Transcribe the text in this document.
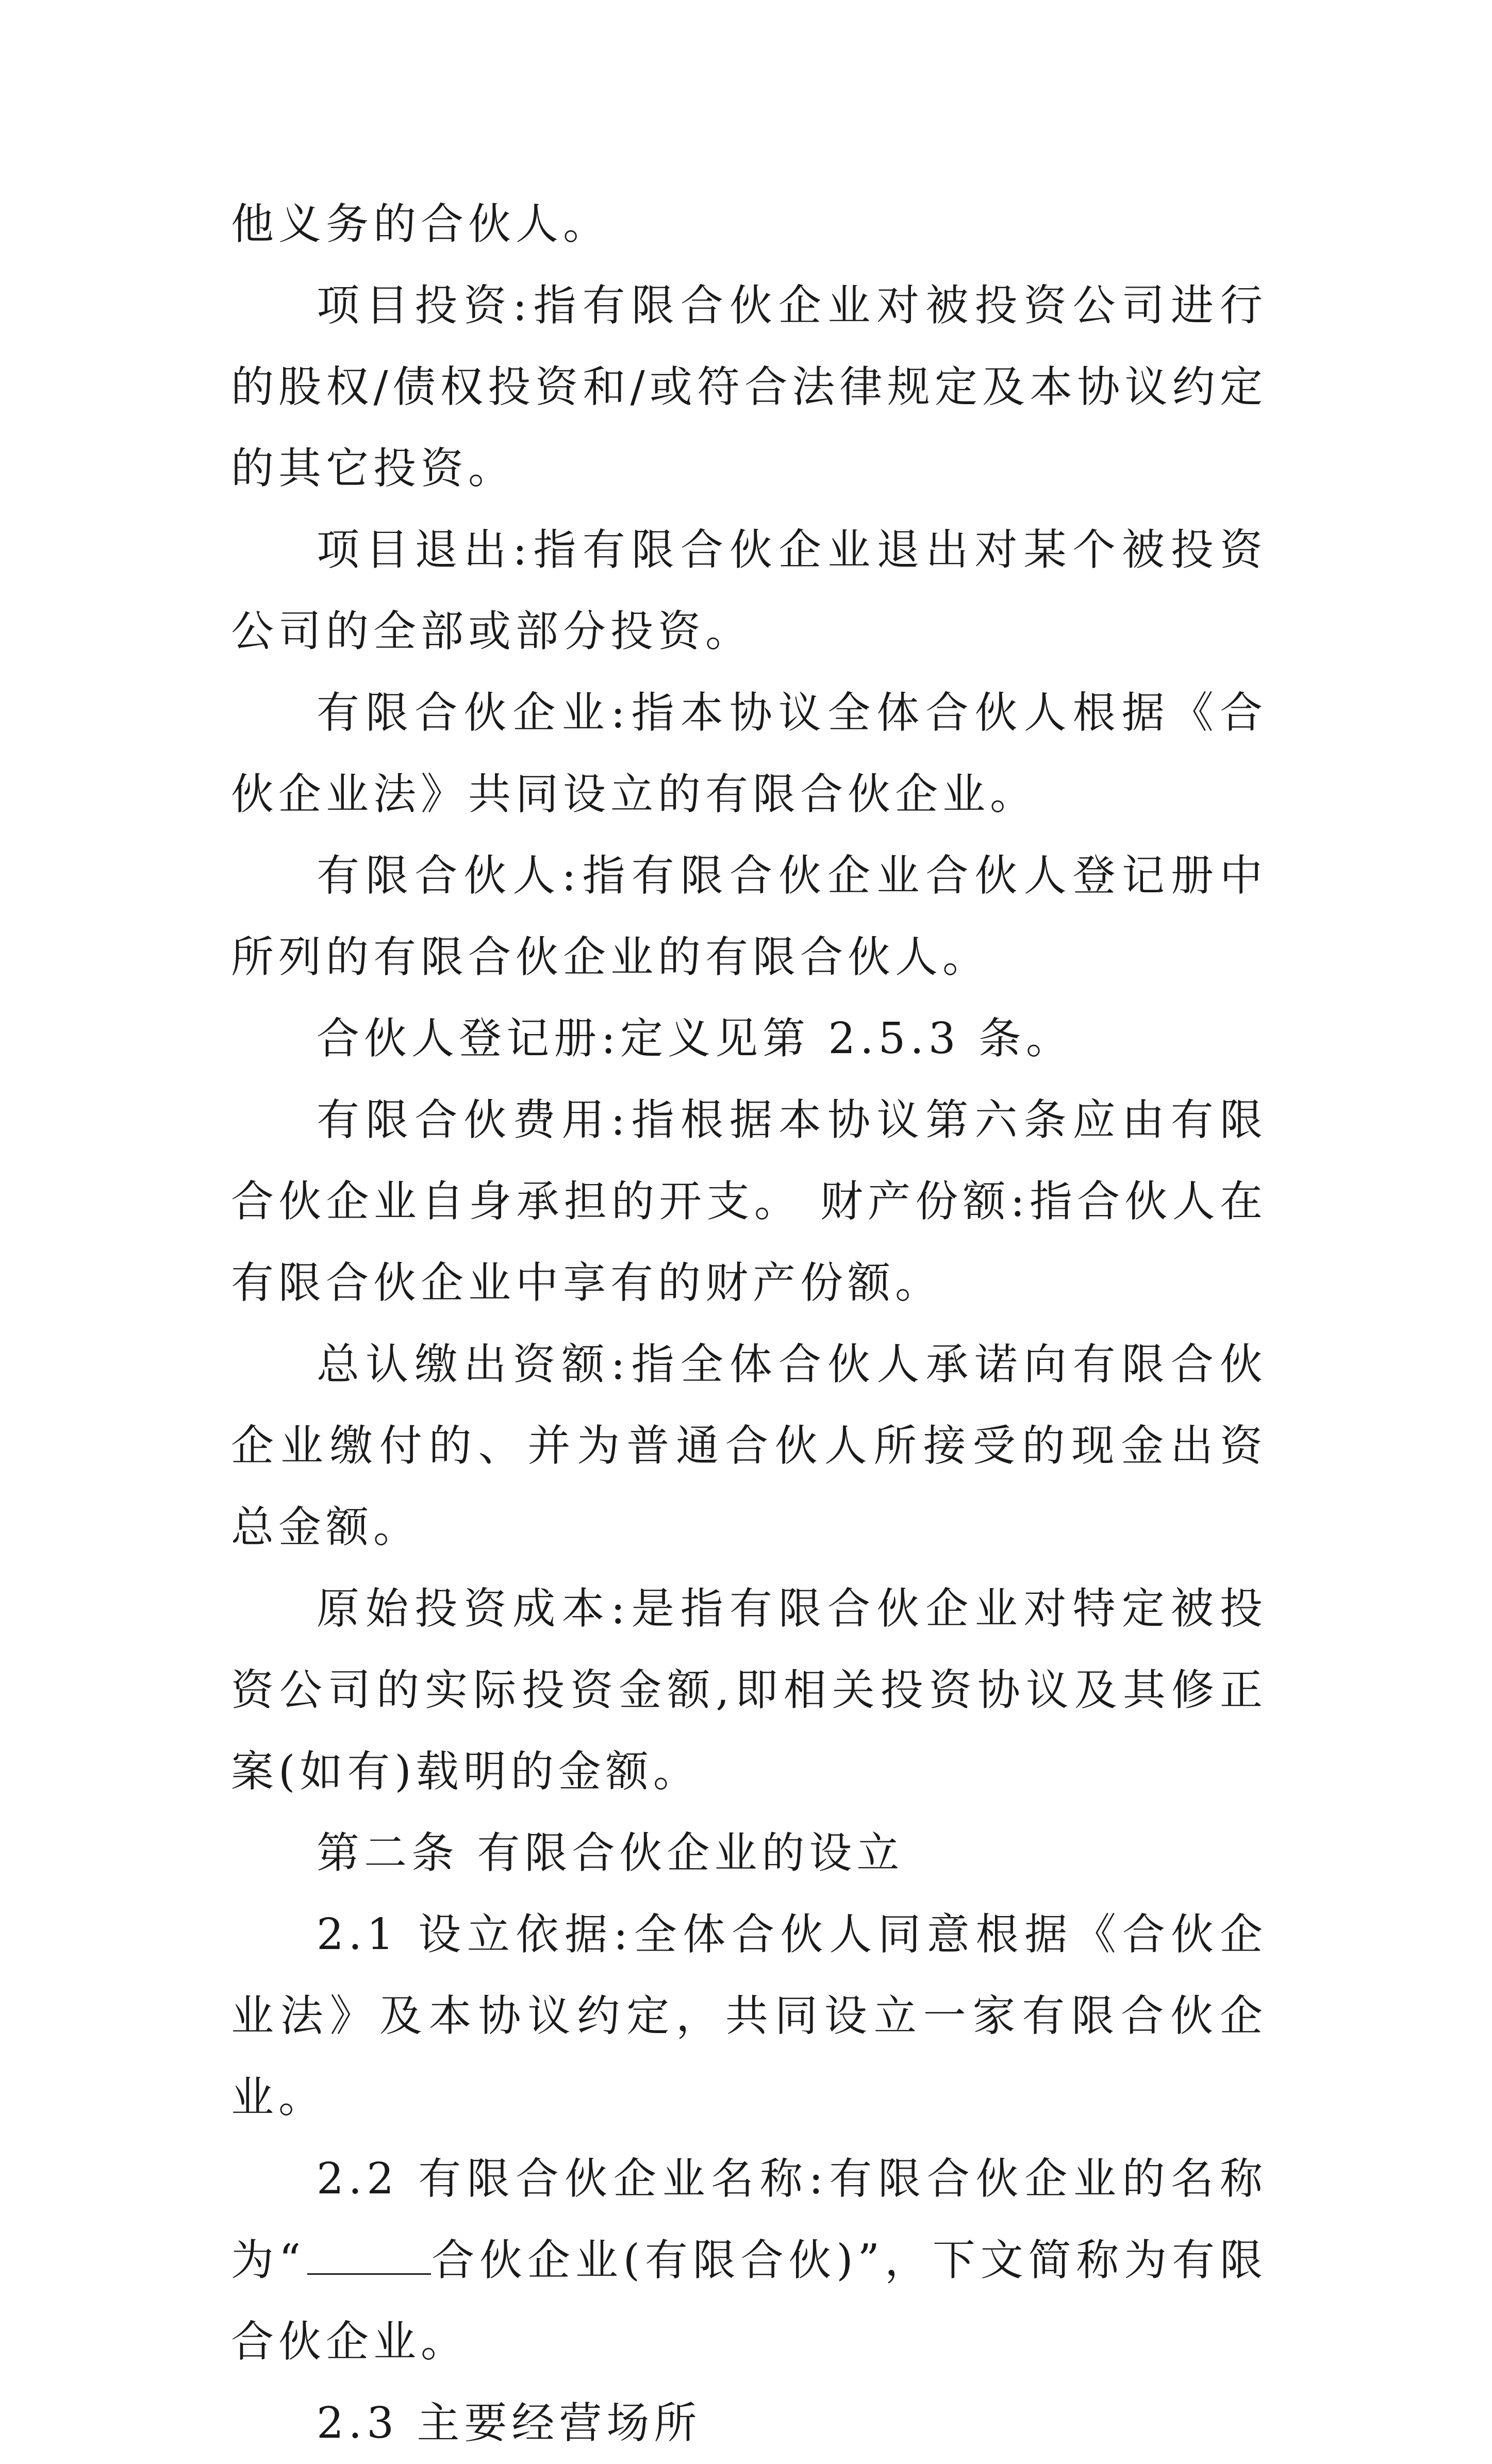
他义务的合伙人。

项目投资:指有限合伙企业对被投资公司进行的股权/债权投资和/或符合法律规定及本协议约定的其它投资。

项目退出:指有限合伙企业退出对某个被投资公司的全部或部分投资。

有限合伙企业:指本协议全体合伙人根据《合伙企业法》共同设立的有限合伙企业。

有限合伙人:指有限合伙企业合伙人登记册中所列的有限合伙企业的有限合伙人。

合伙人登记册:定义见第 2.5.3 条。

有限合伙费用:指根据本协议第六条应由有限合伙企业自身承担的开支。 财产份额:指合伙人在有限合伙企业中享有的财产份额。

总认缴出资额:指全体合伙人承诺向有限合伙企业缴付的、并为普通合伙人所接受的现金出资总金额。

原始投资成本:是指有限合伙企业对特定被投资公司的实际投资金额,即相关投资协议及其修正案(如有)载明的金额。

第二条 有限合伙企业的设立

2.1 设立依据:全体合伙人同意根据《合伙企业法》及本协议约定，共同设立一家有限合伙企业。

2.2 有限合伙企业名称:有限合伙企业的名称为“	合伙企业(有限合伙)”，下文简称为有限合伙企业。

2.3 主要经营场所
